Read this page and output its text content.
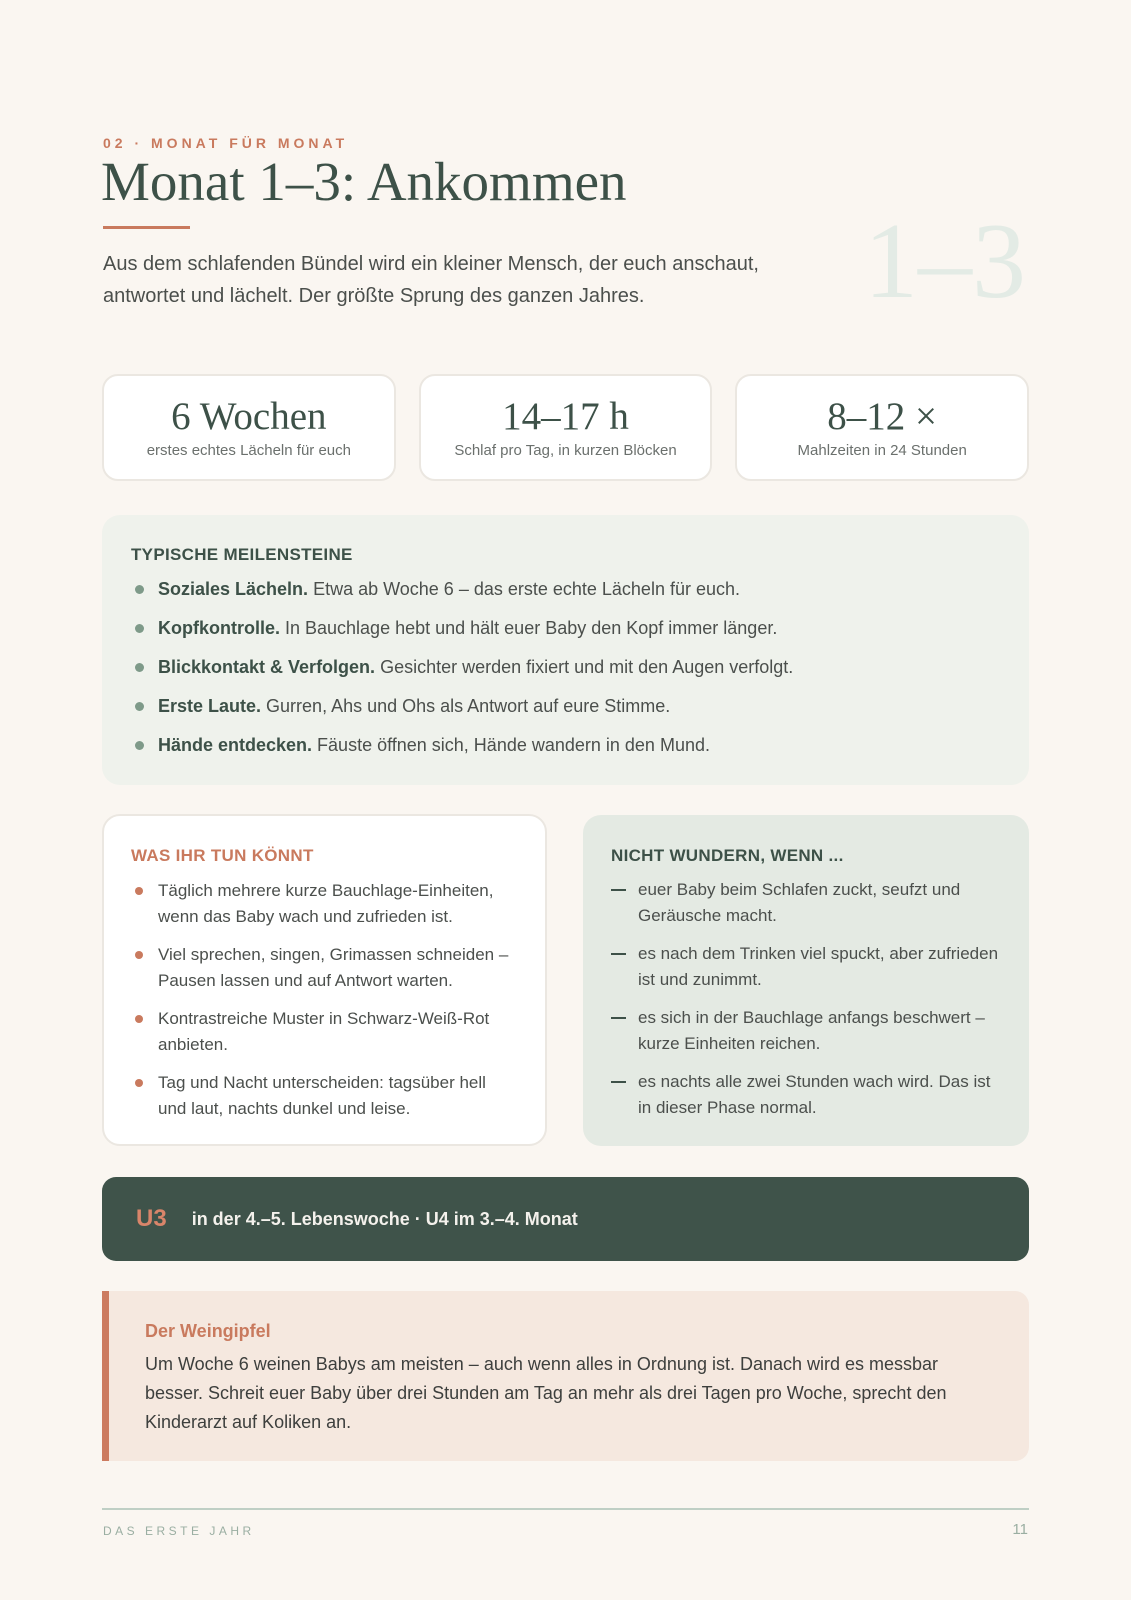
02 · MONAT FÜR MONAT
Monat 1–3: Ankommen
Aus dem schlafenden Bündel wird ein kleiner Mensch, der euch anschaut, antwortet und lächelt. Der größte Sprung des ganzen Jahres.	1–3
6 Wochen
erstes echtes Lächeln für euch
14–17 h
Schlaf pro Tag, in kurzen Blöcken
8–12 ×
Mahlzeiten in 24 Stunden
TYPISCHE MEILENSTEINE
Soziales Lächeln. Etwa ab Woche 6 – das erste echte Lächeln für euch.
Kopfkontrolle. In Bauchlage hebt und hält euer Baby den Kopf immer länger.
Blickkontakt & Verfolgen. Gesichter werden fixiert und mit den Augen verfolgt.
Erste Laute. Gurren, Ahs und Ohs als Antwort auf eure Stimme.
Hände entdecken. Fäuste öffnen sich, Hände wandern in den Mund.
WAS IHR TUN KÖNNT
Täglich mehrere kurze Bauchlage-Einheiten, wenn das Baby wach und zufrieden ist.
Viel sprechen, singen, Grimassen schneiden – Pausen lassen und auf Antwort warten.
Kontrastreiche Muster in Schwarz-Weiß-Rot anbieten.
Tag und Nacht unterscheiden: tagsüber hell und laut, nachts dunkel und leise.
NICHT WUNDERN, WENN ...
euer Baby beim Schlafen zuckt, seufzt und Geräusche macht.
es nach dem Trinken viel spuckt, aber zufrieden ist und zunimmt.
es sich in der Bauchlage anfangs beschwert – kurze Einheiten reichen.
es nachts alle zwei Stunden wach wird. Das ist in dieser Phase normal.
U3 in der 4.–5. Lebenswoche · U4 im 3.–4. Monat
Der Weingipfel
Um Woche 6 weinen Babys am meisten – auch wenn alles in Ordnung ist. Danach wird es messbar besser. Schreit euer Baby über drei Stunden am Tag an mehr als drei Tagen pro Woche, sprecht den Kinderarzt auf Koliken an.
DAS ERSTE JAHR	11
